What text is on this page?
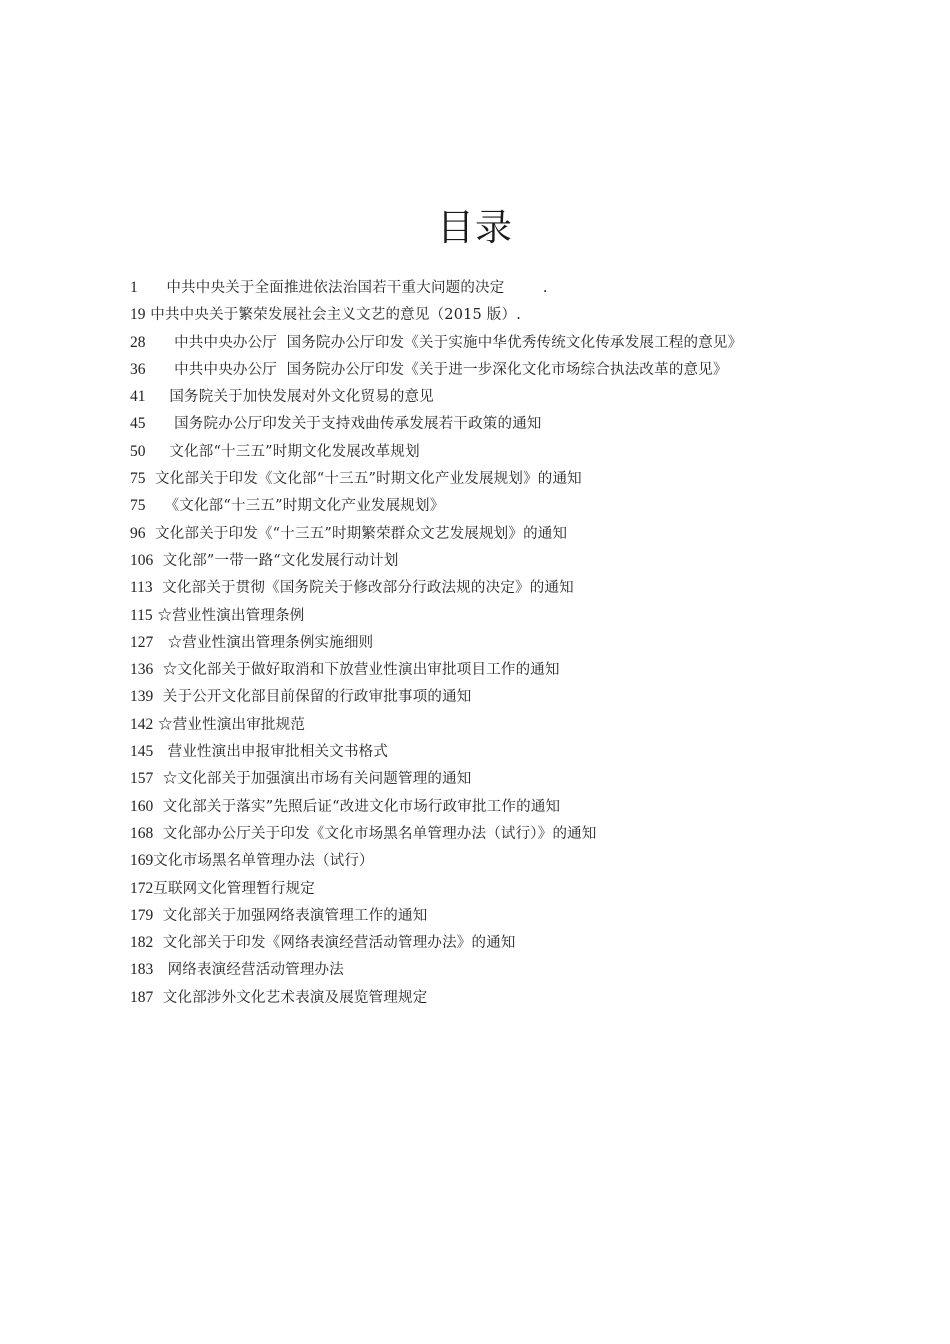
目录
1
中共中央关于全面推进依法治国若干重大问题的决定        .
19
中共中央关于繁荣发展社会主义文艺的意见（2015 版）.
28
中共中央办公厅  国务院办公厅印发《关于实施中华优秀传统文化传承发展工程的意见》
36
中共中央办公厅  国务院办公厅印发《关于进一步深化文化市场综合执法改革的意见》
41
国务院关于加快发展对外文化贸易的意见
45
国务院办公厅印发关于支持戏曲传承发展若干政策的通知
50
文化部“十三五”时期文化发展改革规划
75
文化部关于印发《文化部“十三五”时期文化产业发展规划》的通知
75
《文化部“十三五”时期文化产业发展规划》
96
文化部关于印发《“十三五”时期繁荣群众文艺发展规划》的通知
106
文化部”一带一路“文化发展行动计划
113
文化部关于贯彻《国务院关于修改部分行政法规的决定》的通知
115
☆营业性演出管理条例
127
☆营业性演出管理条例实施细则
136
☆文化部关于做好取消和下放营业性演出审批项目工作的通知
139
关于公开文化部目前保留的行政审批事项的通知
142
☆营业性演出审批规范
145
营业性演出申报审批相关文书格式
157
☆文化部关于加强演出市场有关问题管理的通知
160
文化部关于落实”先照后证“改进文化市场行政审批工作的通知
168
文化部办公厅关于印发《文化市场黑名单管理办法（试行）》的通知
169 文化市场黑名单管理办法（试行）
172 互联网文化管理暂行规定
179
文化部关于加强网络表演管理工作的通知
182
文化部关于印发《网络表演经营活动管理办法》的通知
183
网络表演经营活动管理办法
187
文化部涉外文化艺术表演及展览管理规定
